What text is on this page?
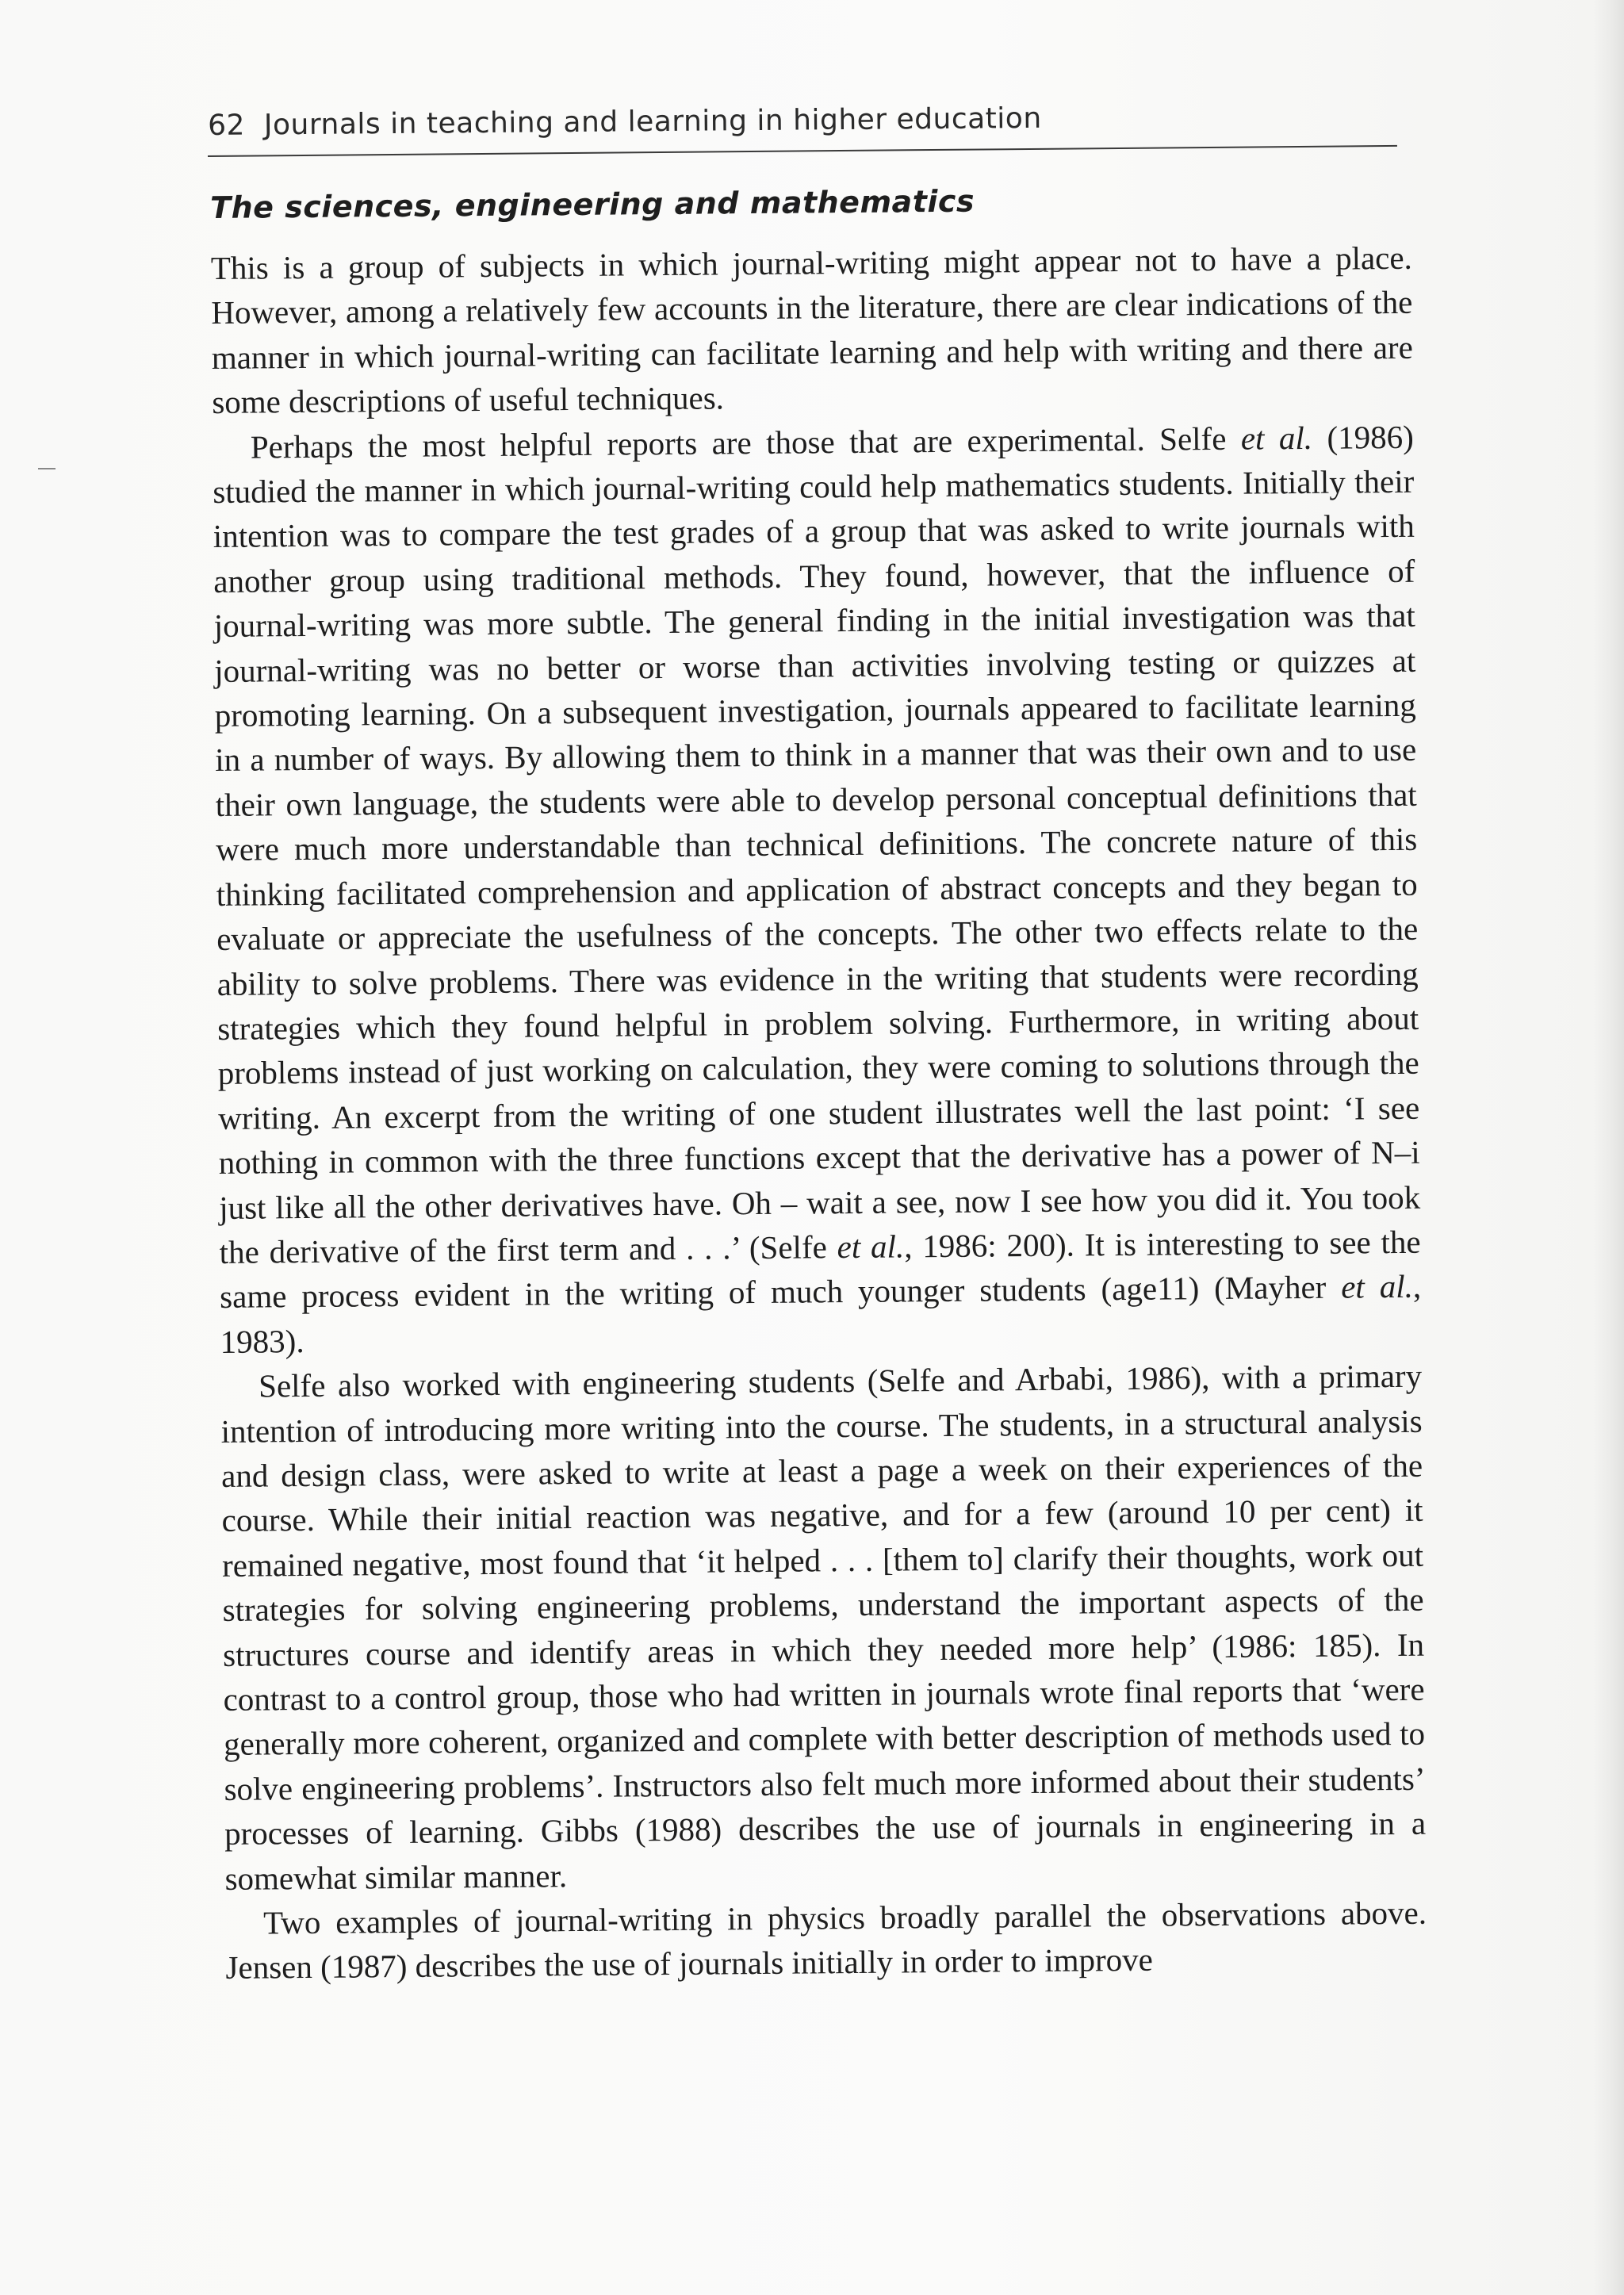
62 Journals in teaching and learning in higher education
The sciences, engineering and mathematics

This is a group of subjects in which journal-writing might appear not to have a place. However, among a relatively few accounts in the literature, there are clear indications of the manner in which journal-writing can facilitate learning and help with writing and there are some descriptions of useful techniques.

Perhaps the most helpful reports are those that are experimental. Selfe et al. (1986) studied the manner in which journal-writing could help mathematics students. Initially their intention was to compare the test grades of a group that was asked to write journals with another group using traditional methods. They found, however, that the influence of journal-writing was more subtle. The general finding in the initial investigation was that journal-writing was no better or worse than activities involving testing or quizzes at promoting learning. On a subsequent investigation, journals appeared to facilitate learning in a number of ways. By allowing them to think in a manner that was their own and to use their own language, the students were able to develop personal conceptual definitions that were much more understandable than technical definitions. The concrete nature of this thinking facilitated comprehension and application of abstract concepts and they began to evaluate or appreciate the usefulness of the concepts. The other two effects relate to the ability to solve problems. There was evidence in the writing that students were recording strategies which they found helpful in problem solving. Furthermore, in writing about problems instead of just working on calculation, they were coming to solutions through the writing. An excerpt from the writing of one student illustrates well the last point: ‘I see nothing in common with the three functions except that the derivative has a power of N–i just like all the other derivatives have. Oh – wait a see, now I see how you did it. You took the derivative of the first term and . . .’ (Selfe et al., 1986: 200). It is interesting to see the same process evident in the writing of much younger students (age11) (Mayher et al., 1983).

Selfe also worked with engineering students (Selfe and Arbabi, 1986), with a primary intention of introducing more writing into the course. The students, in a structural analysis and design class, were asked to write at least a page a week on their experiences of the course. While their initial reaction was negative, and for a few (around 10 per cent) it remained negative, most found that ‘it helped . . . [them to] clarify their thoughts, work out strategies for solving engineering problems, understand the important aspects of the structures course and identify areas in which they needed more help’ (1986: 185). In contrast to a control group, those who had written in journals wrote final reports that ‘were generally more coherent, organized and complete with better description of methods used to solve engineering problems’. Instructors also felt much more informed about their students’ processes of learning. Gibbs (1988) describes the use of journals in engineering in a somewhat similar manner.

Two examples of journal-writing in physics broadly parallel the observations above. Jensen (1987) describes the use of journals initially in order to improve
